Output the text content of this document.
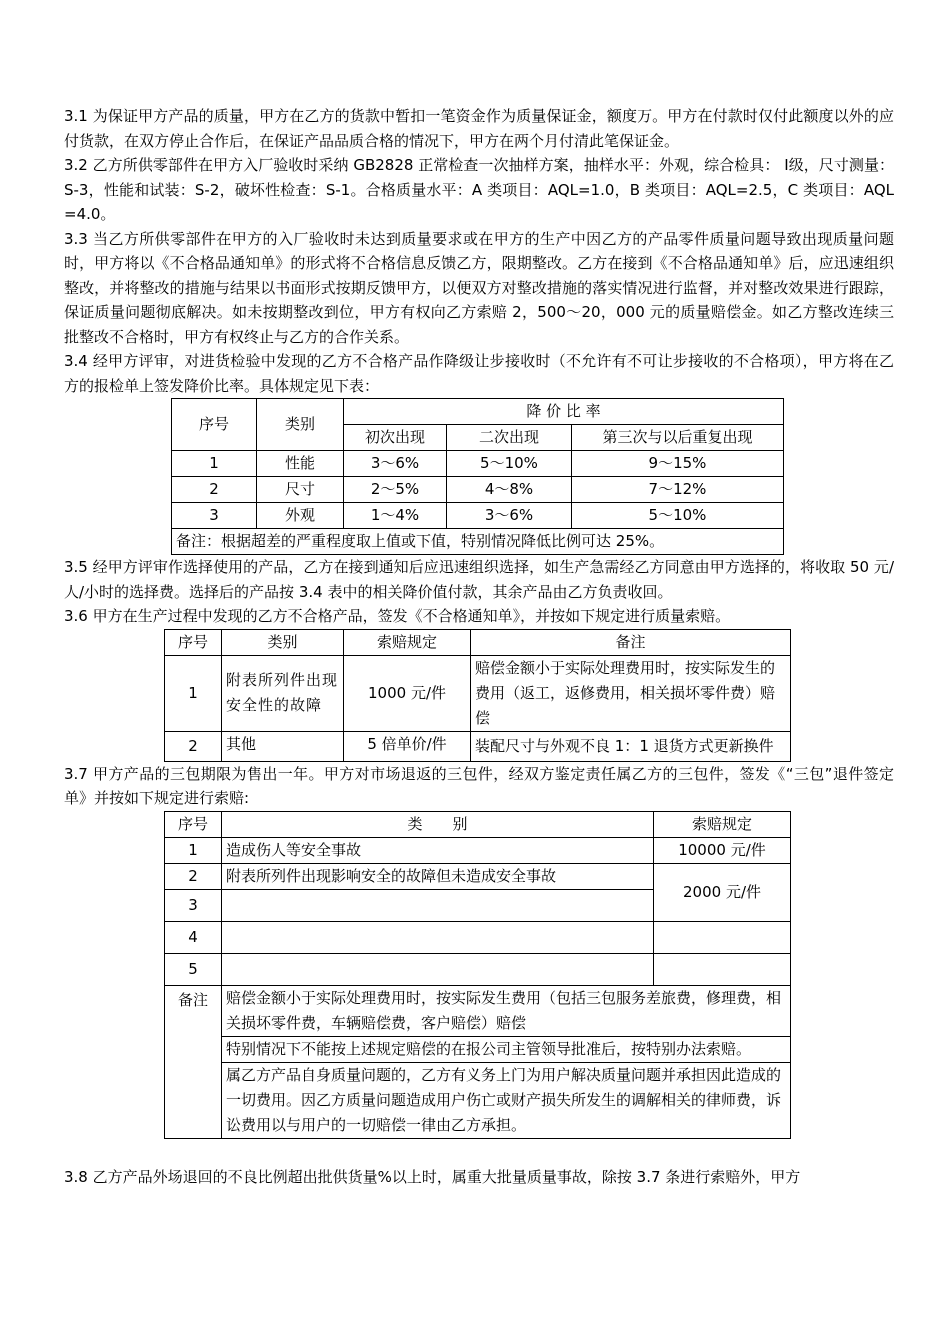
3.1 为保证甲方产品的质量，甲方在乙方的货款中暂扣一笔资金作为质量保证金，额度万。甲方在付款时仅付此额度以外的应付货款，在双方停止合作后，在保证产品品质合格的情况下，甲方在两个月付清此笔保证金。

3.2 乙方所供零部件在甲方入厂验收时采纳 GB2828 正常检查一次抽样方案，抽样水平：外观，综合检具： Ⅰ级，尺寸测量：S-3，性能和试装：S-2，破坏性检查：S-1。合格质量水平：A 类项目：AQL=1.0，B 类项目：AQL=2.5，C 类项目：AQL=4.0。

3.3 当乙方所供零部件在甲方的入厂验收时未达到质量要求或在甲方的生产中因乙方的产品零件质量问题导致出现质量问题时，甲方将以《不合格品通知单》的形式将不合格信息反馈乙方，限期整改。乙方在接到《不合格品通知单》后，应迅速组织整改，并将整改的措施与结果以书面形式按期反馈甲方，以便双方对整改措施的落实情况进行监督，并对整改效果进行跟踪，保证质量问题彻底解决。如未按期整改到位，甲方有权向乙方索赔 2，500～20，000 元的质量赔偿金。如乙方整改连续三批整改不合格时，甲方有权终止与乙方的合作关系。

3.4 经甲方评审，对进货检验中发现的乙方不合格产品作降级让步接收时（不允许有不可让步接收的不合格项），甲方将在乙方的报检单上签发降价比率。具体规定见下表：

序号	类别	降 价 比 率		
		初次出现	二次出现	第三次与以后重复出现
1	性能	3～6%	5～10%	9～15%
2	尺寸	2～5%	4～8%	7～12%
3	外观	1～4%	3～6%	5～10%
备注：根据超差的严重程度取上值或下值，特别情况降低比例可达 25%。				

3.5 经甲方评审作选择使用的产品，乙方在接到通知后应迅速组织选择，如生产急需经乙方同意由甲方选择的，将收取 50 元/人/小时的选择费。选择后的产品按 3.4 表中的相关降价值付款，其余产品由乙方负责收回。

3.6 甲方在生产过程中发现的乙方不合格产品，签发《不合格通知单》，并按如下规定进行质量索赔。

序号	类别	索赔规定	备注
1	附表所列件出现安全性的故障	1000 元/件	赔偿金额小于实际处理费用时，按实际发生的费用（返工，返修费用，相关损坏零件费）赔偿
2	其他	5 倍单价/件	装配尺寸与外观不良 1：1 退货方式更新换件

3.7 甲方产品的三包期限为售出一年。甲方对市场退返的三包件，经双方鉴定责任属乙方的三包件，签发《“三包”退件签定单》并按如下规定进行索赔:

序号	类　　别	索赔规定
1	造成伤人等安全事故	10000 元/件
2	附表所列件出现影响安全的故障但未造成安全事故	2000 元/件
3		
4		
5		
备注	赔偿金额小于实际处理费用时，按实际发生费用（包括三包服务差旅费，修理费，相关损坏零件费，车辆赔偿费，客户赔偿）赔偿	
	特别情况下不能按上述规定赔偿的在报公司主管领导批准后，按特别办法索赔。	
	属乙方产品自身质量问题的，乙方有义务上门为用户解决质量问题并承担因此造成的一切费用。因乙方质量问题造成用户伤亡或财产损失所发生的调解相关的律师费，诉讼费用以与用户的一切赔偿一律由乙方承担。	

3.8 乙方产品外场退回的不良比例超出批供货量%以上时，属重大批量质量事故，除按 3.7 条进行索赔外，甲方
